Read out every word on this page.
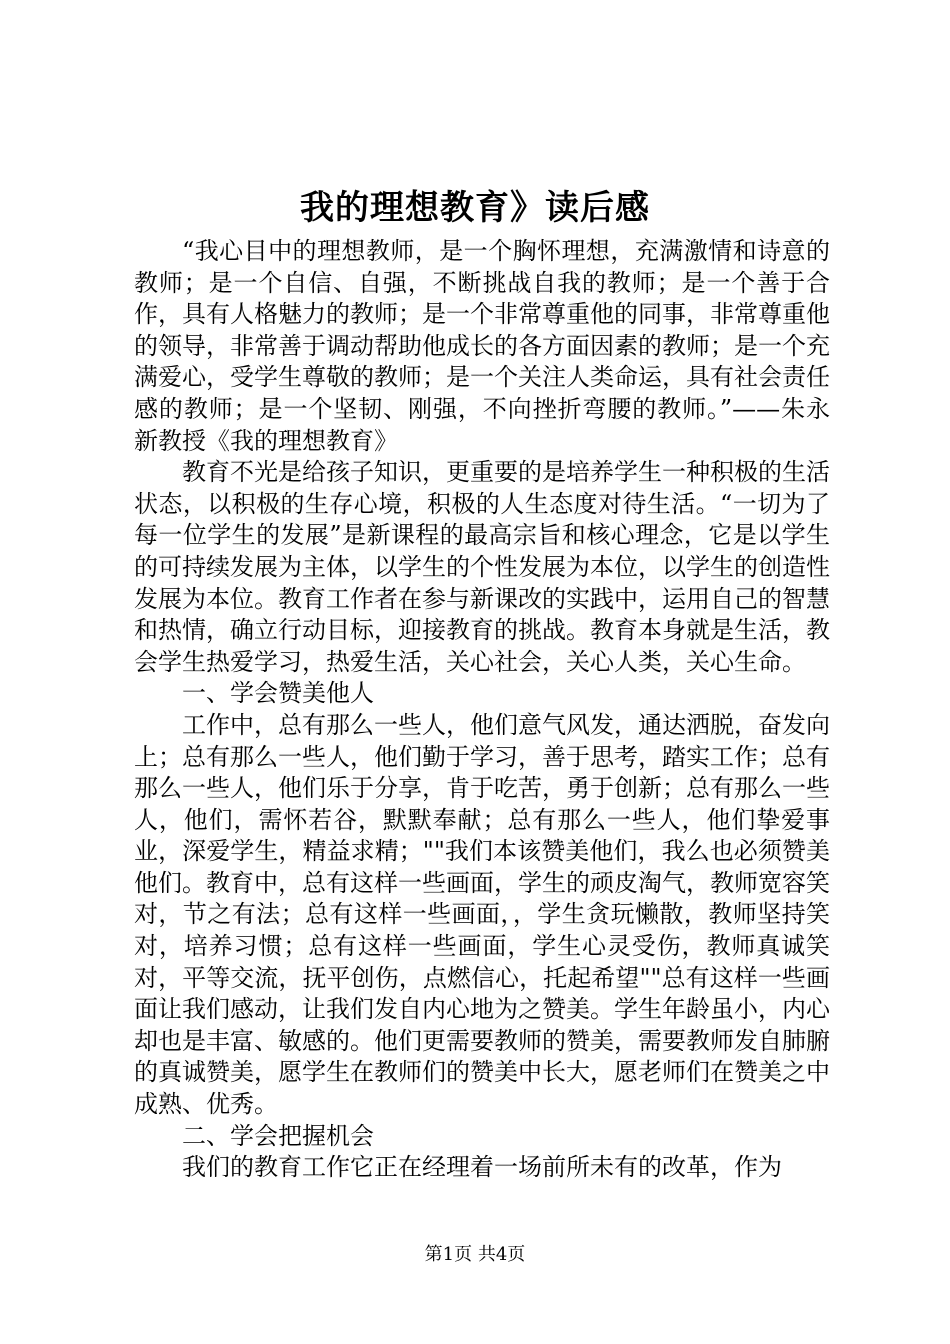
我的理想教育》读后感

“我心目中的理想教师，是一个胸怀理想，充满激情和诗意的教师；是一个自信、自强，不断挑战自我的教师；是一个善于合作，具有人格魅力的教师；是一个非常尊重他的同事，非常尊重他的领导，非常善于调动帮助他成长的各方面因素的教师；是一个充满爱心，受学生尊敬的教师；是一个关注人类命运，具有社会责任感的教师；是一个坚韧、刚强，不向挫折弯腰的教师。”——朱永新教授《我的理想教育》

教育不光是给孩子知识，更重要的是培养学生一种积极的生活状态，以积极的生存心境，积极的人生态度对待生活。“一切为了每一位学生的发展”是新课程的最高宗旨和核心理念，它是以学生的可持续发展为主体，以学生的个性发展为本位，以学生的创造性发展为本位。教育工作者在参与新课改的实践中，运用自己的智慧和热情，确立行动目标，迎接教育的挑战。教育本身就是生活，教会学生热爱学习，热爱生活，关心社会，关心人类，关心生命。

一、学会赞美他人

工作中，总有那么一些人，他们意气风发，通达洒脱，奋发向上；总有那么一些人，他们勤于学习，善于思考，踏实工作；总有那么一些人，他们乐于分享，肯于吃苦，勇于创新；总有那么一些人，他们，需怀若谷，默默奉献；总有那么一些人，他们挚爱事业，深爱学生，精益求精；""我们本该赞美他们，我么也必须赞美他们。教育中，总有这样一些画面，学生的顽皮淘气，教师宽容笑对，节之有法；总有这样一些画面，，学生贪玩懒散，教师坚持笑对，培养习惯；总有这样一些画面，学生心灵受伤，教师真诚笑对，平等交流，抚平创伤，点燃信心，托起希望""总有这样一些画面让我们感动，让我们发自内心地为之赞美。学生年龄虽小，内心却也是丰富、敏感的。他们更需要教师的赞美，需要教师发自肺腑的真诚赞美，愿学生在教师们的赞美中长大，愿老师们在赞美之中成熟、优秀。

二、学会把握机会

我们的教育工作它正在经理着一场前所未有的改革，作为

第1页 共4页
